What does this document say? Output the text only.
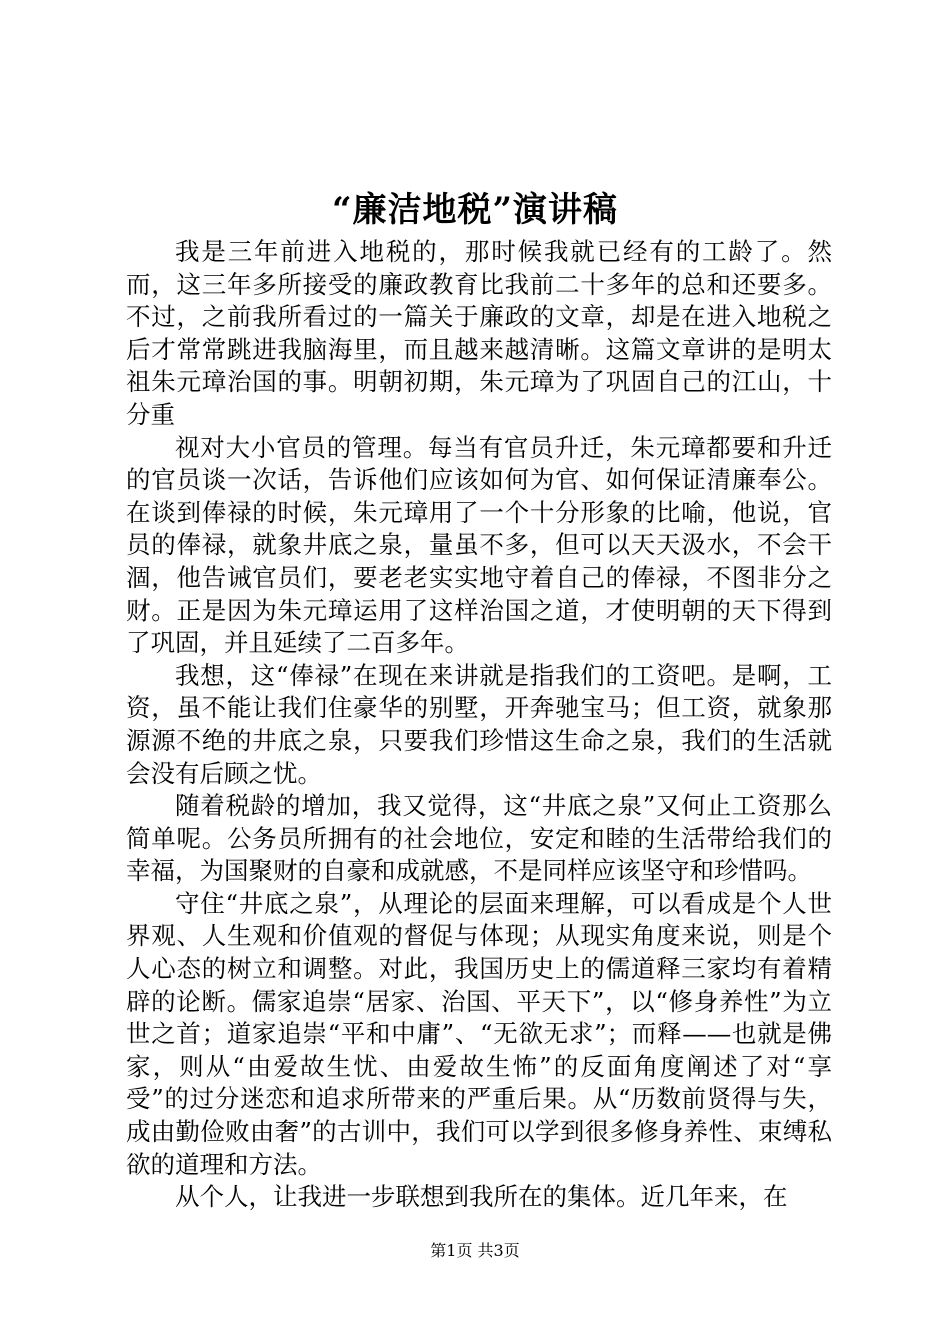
“廉洁地税”演讲稿

我是三年前进入地税的，那时候我就已经有的工龄了。然而，这三年多所接受的廉政教育比我前二十多年的总和还要多。不过，之前我所看过的一篇关于廉政的文章，却是在进入地税之后才常常跳进我脑海里，而且越来越清晰。这篇文章讲的是明太祖朱元璋治国的事。明朝初期，朱元璋为了巩固自己的江山，十分重

视对大小官员的管理。每当有官员升迁，朱元璋都要和升迁的官员谈一次话，告诉他们应该如何为官、如何保证清廉奉公。在谈到俸禄的时候，朱元璋用了一个十分形象的比喻，他说，官员的俸禄，就象井底之泉，量虽不多，但可以天天汲水，不会干涸，他告诫官员们，要老老实实地守着自己的俸禄，不图非分之财。正是因为朱元璋运用了这样治国之道，才使明朝的天下得到了巩固，并且延续了二百多年。

我想，这“俸禄”在现在来讲就是指我们的工资吧。是啊，工资，虽不能让我们住豪华的别墅，开奔驰宝马；但工资，就象那源源不绝的井底之泉，只要我们珍惜这生命之泉，我们的生活就会没有后顾之忧。

随着税龄的增加，我又觉得，这“井底之泉”又何止工资那么简单呢。公务员所拥有的社会地位，安定和睦的生活带给我们的幸福，为国聚财的自豪和成就感，不是同样应该坚守和珍惜吗。

守住“井底之泉”，从理论的层面来理解，可以看成是个人世界观、人生观和价值观的督促与体现；从现实角度来说，则是个人心态的树立和调整。对此，我国历史上的儒道释三家均有着精辟的论断。儒家追崇“居家、治国、平天下”，以“修身养性”为立世之首；道家追崇“平和中庸”、“无欲无求”；而释——也就是佛家，则从“由爱故生忧、由爱故生怖”的反面角度阐述了对“享受”的过分迷恋和追求所带来的严重后果。从“历数前贤得与失，成由勤俭败由奢”的古训中，我们可以学到很多修身养性、束缚私欲的道理和方法。

从个人，让我进一步联想到我所在的集体。近几年来，在

第1页 共3页
